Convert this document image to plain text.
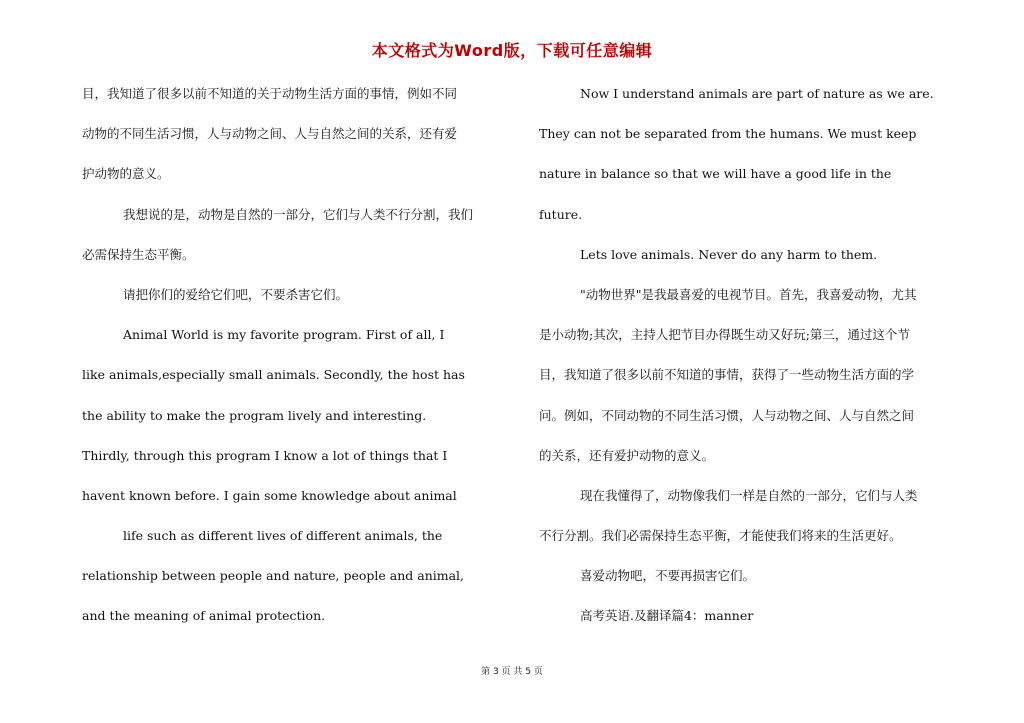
本文格式为Word版，下载可任意编辑
目，我知道了很多以前不知道的关于动物生活方面的事情，例如不同
动物的不同生活习惯，人与动物之间、人与自然之间的关系，还有爱
护动物的意义。
我想说的是，动物是自然的一部分，它们与人类不行分割，我们
必需保持生态平衡。
请把你们的爱给它们吧，不要杀害它们。
Animal World is my favorite program. First of all, I
like animals,especially small animals. Secondly, the host has
the ability to make the program lively and interesting.
Thirdly, through this program I know a lot of things that I
havent known before. I gain some knowledge about animal
life such as different lives of different animals, the
relationship between people and nature, people and animal,
and the meaning of animal protection.
Now I understand animals are part of nature as we are.
They can not be separated from the humans. We must keep
nature in balance so that we will have a good life in the
future.
Lets love animals. Never do any harm to them.
"动物世界"是我最喜爱的电视节目。首先，我喜爱动物，尤其
是小动物;其次，主持人把节目办得既生动又好玩;第三，通过这个节
目，我知道了很多以前不知道的事情，获得了一些动物生活方面的学
问。例如，不同动物的不同生活习惯，人与动物之间、人与自然之间
的关系，还有爱护动物的意义。
现在我懂得了，动物像我们一样是自然的一部分，它们与人类
不行分割。我们必需保持生态平衡，才能使我们将来的生活更好。
喜爱动物吧，不要再损害它们。
高考英语.及翻译篇4：manner
第 3 页 共 5 页
